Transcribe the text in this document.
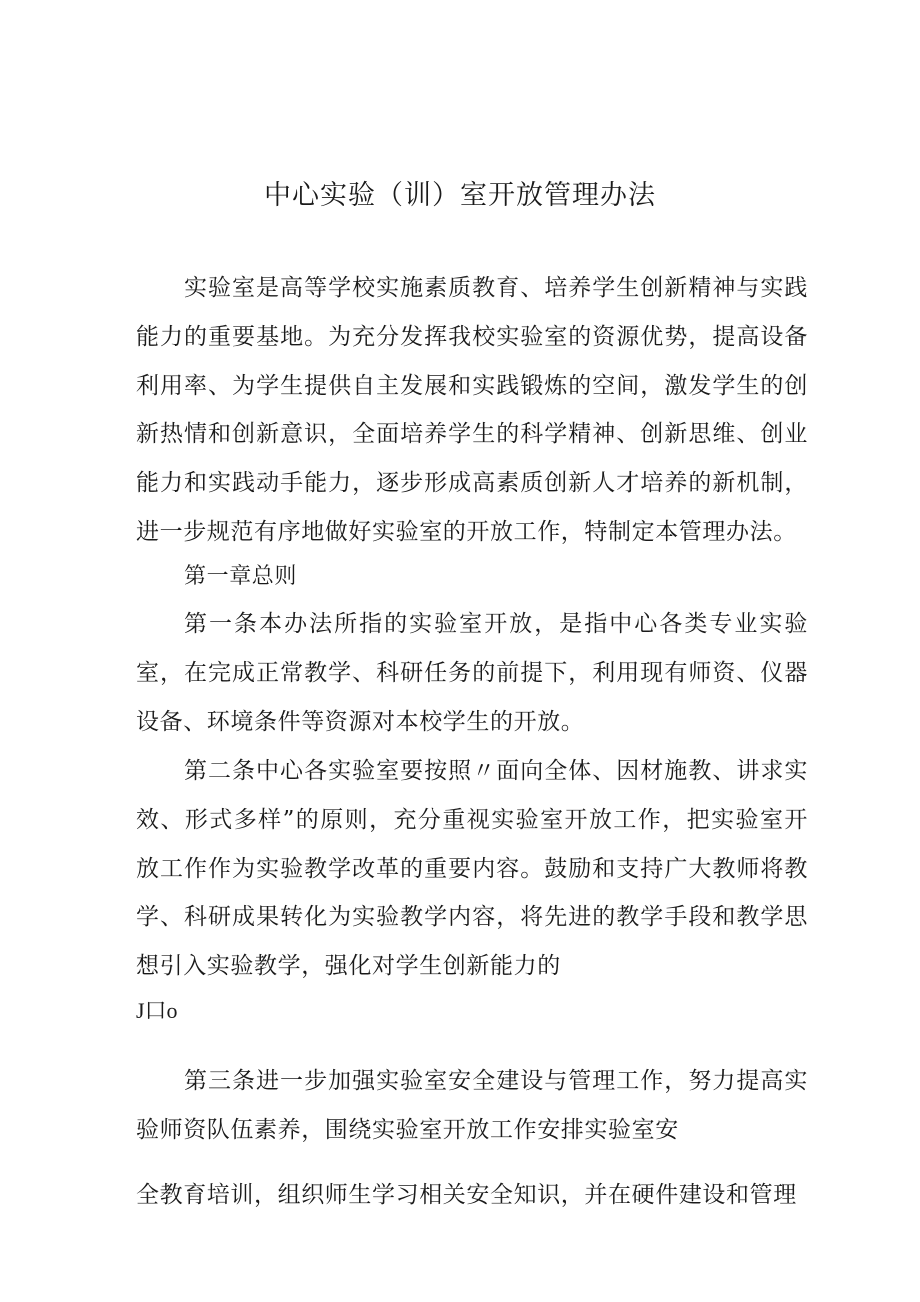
中心实验（训）室开放管理办法

实验室是高等学校实施素质教育、培养学生创新精神与实践能力的重要基地。为充分发挥我校实验室的资源优势，提高设备利用率、为学生提供自主发展和实践锻炼的空间，激发学生的创新热情和创新意识，全面培养学生的科学精神、创新思维、创业能力和实践动手能力，逐步形成高素质创新人才培养的新机制，进一步规范有序地做好实验室的开放工作，特制定本管理办法。

第一章总则

第一条本办法所指的实验室开放，是指中心各类专业实验室，在完成正常教学、科研任务的前提下，利用现有师资、仪器设备、环境条件等资源对本校学生的开放。

第二条中心各实验室要按照〃面向全体、因材施教、讲求实效、形式多样”的原则，充分重视实验室开放工作，把实验室开放工作作为实验教学改革的重要内容。鼓励和支持广大教师将教学、科研成果转化为实验教学内容，将先进的教学手段和教学思想引入实验教学，强化对学生创新能力的

J口o

第三条进一步加强实验室安全建设与管理工作，努力提高实验师资队伍素养，围绕实验室开放工作安排实验室安

全教育培训，组织师生学习相关安全知识，并在硬件建设和管理
